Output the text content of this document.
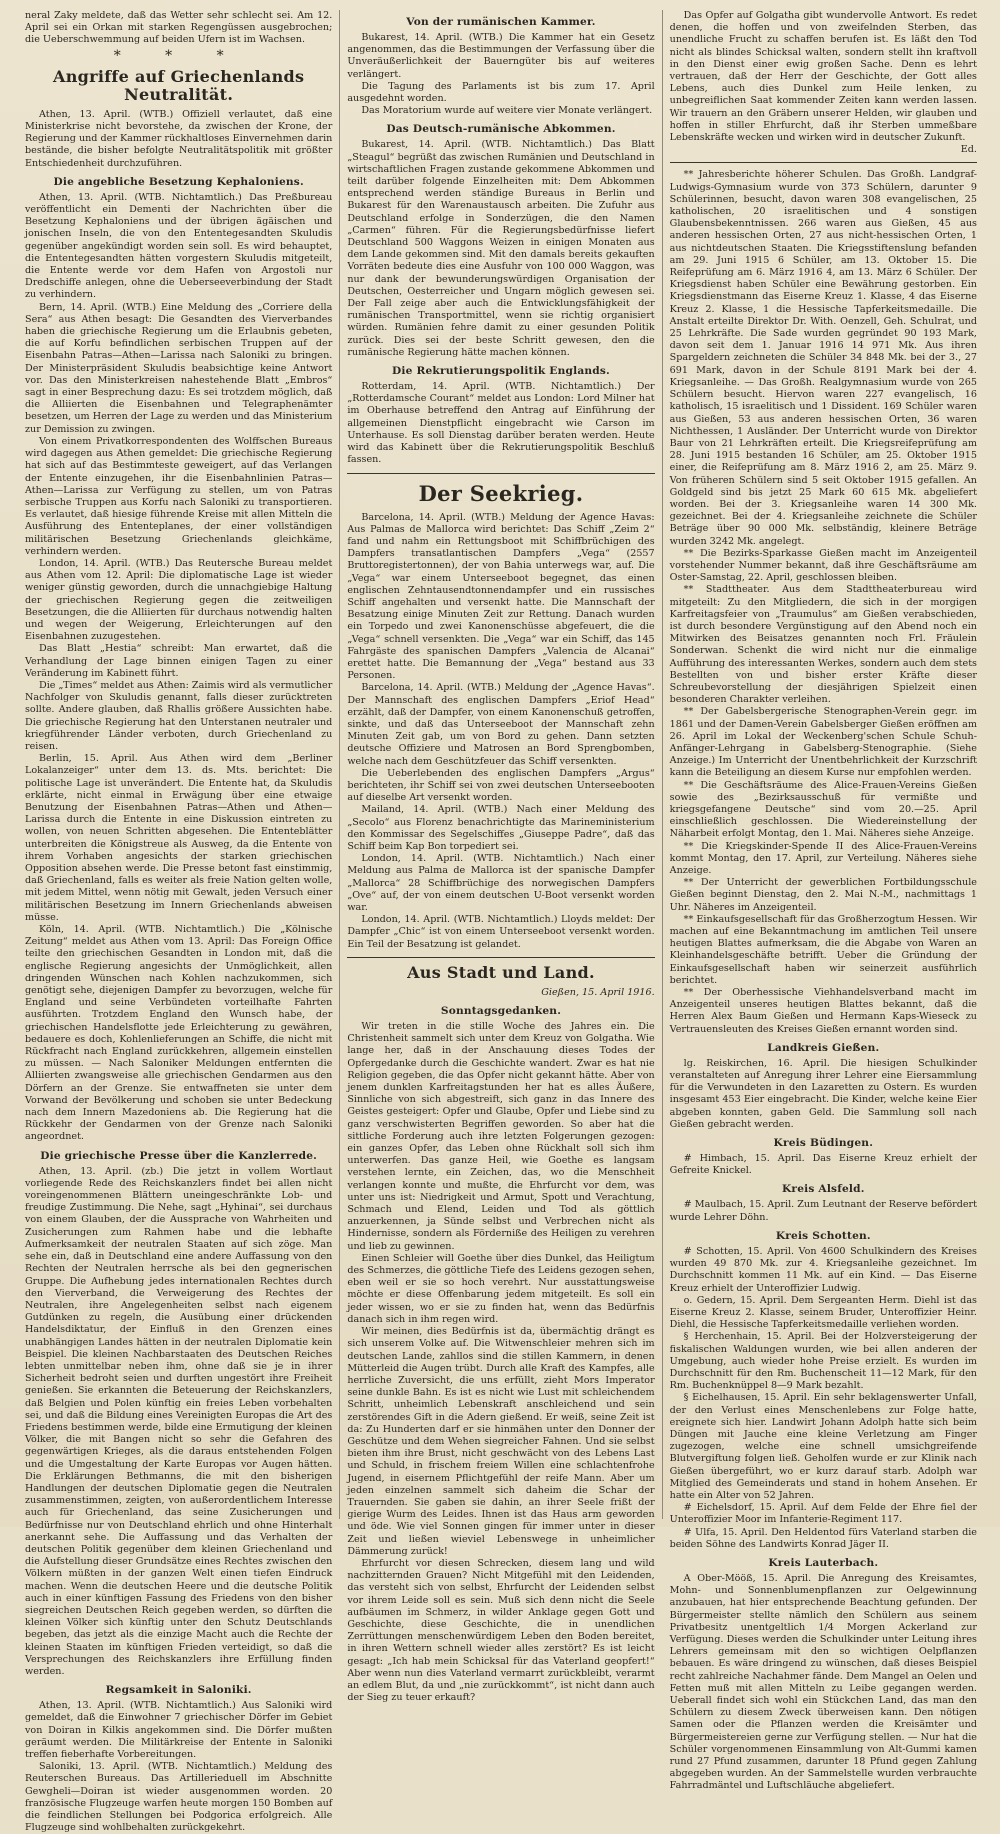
neral Zaky meldete, daß das Wetter sehr schlecht sei. Am 12. April sei ein Orkan mit starken Regengüssen ausgebrochen; die Ueberschwemmung auf beiden Ufern ist im Wachsen.

* * *
Angriffe auf Griechenlands Neutralität.

Athen, 13. April. (WTB.) Offiziell verlautet, daß eine Ministerkrise nicht bevorstehe, da zwischen der Krone, der Regierung und der Kammer rückhaltloses Einvernehmen darin bestände, die bisher befolgte Neutralitätspolitik mit größter Entschiedenheit durchzuführen.

Die angebliche Besetzung Kephaloniens.

Athen, 13. April. (WTB. Nichtamtlich.) Das Preßbureau veröffentlicht ein Dementi der Nachrichten über die Besetzung Kephaloniens und der übrigen ägäischen und jonischen Inseln, die von den Ententegesandten Skuludis gegenüber angekündigt worden sein soll. Es wird behauptet, die Ententegesandten hätten vorgestern Skuludis mitgeteilt, die Entente werde vor dem Hafen von Argostoli nur Dredschiffe anlegen, ohne die Ueberseeverbindung der Stadt zu verhindern.

Bern, 14. April. (WTB.) Eine Meldung des „Corriere della Sera“ aus Athen besagt: Die Gesandten des Vierverbandes haben die griechische Regierung um die Erlaubnis gebeten, die auf Korfu befindlichen serbischen Truppen auf der Eisenbahn Patras—Athen—Larissa nach Saloniki zu bringen. Der Ministerpräsident Skuludis beabsichtige keine Antwort vor. Das den Ministerkreisen nahestehende Blatt „Embros“ sagt in einer Besprechung dazu: Es sei trotzdem möglich, daß die Alliierten die Eisenbahnen und Telegraphenämter besetzen, um Herren der Lage zu werden und das Ministerium zur Demission zu zwingen.

Von einem Privatkorrespondenten des Wolffschen Bureaus wird dagegen aus Athen gemeldet: Die griechische Regierung hat sich auf das Bestimmteste geweigert, auf das Verlangen der Entente einzugehen, ihr die Eisenbahnlinien Patras—Athen—Larissa zur Verfügung zu stellen, um von Patras serbische Truppen aus Korfu nach Saloniki zu transportieren. Es verlautet, daß hiesige führende Kreise mit allen Mitteln die Ausführung des Ententeplanes, der einer vollständigen militärischen Besetzung Griechenlands gleichkäme, verhindern werden.

London, 14. April. (WTB.) Das Reutersche Bureau meldet aus Athen vom 12. April: Die diplomatische Lage ist wieder weniger günstig geworden, durch die unnachgiebige Haltung der griechischen Regierung gegen die zeitweiligen Besetzungen, die die Alliierten für durchaus notwendig halten und wegen der Weigerung, Erleichterungen auf den Eisenbahnen zuzugestehen.

Das Blatt „Hestia“ schreibt: Man erwartet, daß die Verhandlung der Lage binnen einigen Tagen zu einer Veränderung im Kabinett führt.

Die „Times“ meldet aus Athen: Zaimis wird als vermutlicher Nachfolger von Skuludis genannt, falls dieser zurücktreten sollte. Andere glauben, daß Rhallis größere Aussichten habe. Die griechische Regierung hat den Unterstanen neutraler und kriegführender Länder verboten, durch Griechenland zu reisen.

Berlin, 15. April. Aus Athen wird dem „Berliner Lokalanzeiger“ unter dem 13. ds. Mts. berichtet: Die politische Lage ist unverändert. Die Entente hat, da Skuludis erklärte, nicht einmal in Erwägung über eine etwaige Benutzung der Eisenbahnen Patras—Athen und Athen—Larissa durch die Entente in eine Diskussion eintreten zu wollen, von neuen Schritten abgesehen. Die Ententeblätter unterbreiten die Königstreue als Ausweg, da die Entente von ihrem Vorhaben angesichts der starken griechischen Opposition absehen werde. Die Presse betont fast einstimmig, daß Griechenland, falls es weiter als freie Nation gelten wolle, mit jedem Mittel, wenn nötig mit Gewalt, jeden Versuch einer militärischen Besetzung im Innern Griechenlands abweisen müsse.

Köln, 14. April. (WTB. Nichtamtlich.) Die „Kölnische Zeitung“ meldet aus Athen vom 13. April: Das Foreign Office teilte den griechischen Gesandten in London mit, daß die englische Regierung angesichts der Unmöglichkeit, allen dringenden Wünschen nach Kohlen nachzukommen, sich genötigt sehe, diejenigen Dampfer zu bevorzugen, welche für England und seine Verbündeten vorteilhafte Fahrten ausführten. Trotzdem England den Wunsch habe, der griechischen Handelsflotte jede Erleichterung zu gewähren, bedauere es doch, Kohlenlieferungen an Schiffe, die nicht mit Rückfracht nach England zurückkehren, allgemein einstellen zu müssen. — Nach Saloniker Meldungen entfernten die Alliierten zwangsweise alle griechischen Gendarmen aus den Dörfern an der Grenze. Sie entwaffneten sie unter dem Vorwand der Bevölkerung und schoben sie unter Bedeckung nach dem Innern Mazedoniens ab. Die Regierung hat die Rückkehr der Gendarmen von der Grenze nach Saloniki angeordnet.

Die griechische Presse über die Kanzlerrede.

Athen, 13. April. (zb.) Die jetzt in vollem Wortlaut vorliegende Rede des Reichskanzlers findet bei allen nicht voreingenommenen Blättern uneingeschränkte Lob- und freudige Zustimmung. Die Nehe, sagt „Hyhinai“, sei durchaus von einem Glauben, der die Aussprache von Wahrheiten und Zusicherungen zum Rahmen habe und die lebhafte Aufmerksamkeit der neutralen Staaten auf sich zöge. Man sehe ein, daß in Deutschland eine andere Auffassung von den Rechten der Neutralen herrsche als bei den gegnerischen Gruppe. Die Aufhebung jedes internationalen Rechtes durch den Vierverband, die Verweigerung des Rechtes der Neutralen, ihre Angelegenheiten selbst nach eigenem Gutdünken zu regeln, die Ausübung einer drückenden Handelsdiktatur, der Einfluß in den Grenzen eines unabhängigen Landes hätten in der neutralen Diplomatie kein Beispiel. Die kleinen Nachbarstaaten des Deutschen Reiches lebten unmittelbar neben ihm, ohne daß sie je in ihrer Sicherheit bedroht seien und durften ungestört ihre Freiheit genießen. Sie erkannten die Beteuerung der Reichskanzlers, daß Belgien und Polen künftig ein freies Leben vorbehalten sei, und daß die Bildung eines Vereinigten Europas die Art des Friedens bestimmen werde, bilde eine Ermutigung der kleinen Völker, die mit Bangen nicht so sehr die Gefahren des gegenwärtigen Krieges, als die daraus entstehenden Folgen und die Umgestaltung der Karte Europas vor Augen hätten. Die Erklärungen Bethmanns, die mit den bisherigen Handlungen der deutschen Diplomatie gegen die Neutralen zusammenstimmen, zeigten, von außerordentlichem Interesse auch für Griechenland, das seine Zusicherungen und Bedürfnisse nur von Deutschland ehrlich und ohne Hinterhalt anerkannt sehe. Die Auffassung und das Verhalten der deutschen Politik gegenüber dem kleinen Griechenland und die Aufstellung dieser Grundsätze eines Rechtes zwischen den Völkern müßten in der ganzen Welt einen tiefen Eindruck machen. Wenn die deutschen Heere und die deutsche Politik auch in einer künftigen Fassung des Friedens von den bisher siegreichen Deutschen Reich gegeben werden, so dürften die kleinen Völker sich künftig unter den Schutz Deutschlands begeben, das jetzt als die einzige Macht auch die Rechte der kleinen Staaten im künftigen Frieden verteidigt, so daß die Versprechungen des Reichskanzlers ihre Erfüllung finden werden.

Regsamkeit in Saloniki.

Athen, 13. April. (WTB. Nichtamtlich.) Aus Saloniki wird gemeldet, daß die Einwohner 7 griechischer Dörfer im Gebiet von Doiran in Kilkis angekommen sind. Die Dörfer mußten geräumt werden. Die Militärkreise der Entente in Saloniki treffen fieberhafte Vorbereitungen.

Saloniki, 13. April. (WTB. Nichtamtlich.) Meldung des Reuterschen Bureaus. Das Artillerieduell im Abschnitte Gewgheli—Doiran ist wieder ausgenommen worden. 20 französische Flugzeuge warfen heute morgen 150 Bomben auf die feindlichen Stellungen bei Podgorica erfolgreich. Alle Flugzeuge sind wohlbehalten zurückgekehrt.

Von der rumänischen Kammer.

Bukarest, 14. April. (WTB.) Die Kammer hat ein Gesetz angenommen, das die Bestimmungen der Verfassung über die Unveräußerlichkeit der Bauerngüter bis auf weiteres verlängert.

Die Tagung des Parlaments ist bis zum 17. April ausgedehnt worden.

Das Moratorium wurde auf weitere vier Monate verlängert.

Das Deutsch-rumänische Abkommen.

Bukarest, 14. April. (WTB. Nichtamtlich.) Das Blatt „Steagul“ begrüßt das zwischen Rumänien und Deutschland in wirtschaftlichen Fragen zustande gekommene Abkommen und teilt darüber folgende Einzelheiten mit: Dem Abkommen entsprechend werden ständige Bureaus in Berlin und Bukarest für den Warenaustausch arbeiten. Die Zufuhr aus Deutschland erfolge in Sonderzügen, die den Namen „Carmen“ führen. Für die Regierungsbedürfnisse liefert Deutschland 500 Waggons Weizen in einigen Monaten aus dem Lande gekommen sind. Mit den damals bereits gekauften Vorräten bedeute dies eine Ausfuhr von 100 000 Waggon, was nur dank der bewunderungswürdigen Organisation der Deutschen, Oesterreicher und Ungarn möglich gewesen sei. Der Fall zeige aber auch die Entwicklungsfähigkeit der rumänischen Transportmittel, wenn sie richtig organisiert würden. Rumänien fehre damit zu einer gesunden Politik zurück. Dies sei der beste Schritt gewesen, den die rumänische Regierung hätte machen können.

Die Rekrutierungspolitik Englands.

Rotterdam, 14. April. (WTB. Nichtamtlich.) Der „Rotterdamsche Courant“ meldet aus London: Lord Milner hat im Oberhause betreffend den Antrag auf Einführung der allgemeinen Dienstpflicht eingebracht wie Carson im Unterhause. Es soll Dienstag darüber beraten werden. Heute wird das Kabinett über die Rekrutierungspolitik Beschluß fassen.

Der Seekrieg.

Barcelona, 14. April. (WTB.) Meldung der Agence Havas: Aus Palmas de Mallorca wird berichtet: Das Schiff „Zeim 2“ fand und nahm ein Rettungsboot mit Schiffbrüchigen des Dampfers transatlantischen Dampfers „Vega“ (2557 Bruttoregistertonnen), der von Bahia unterwegs war, auf. Die „Vega“ war einem Unterseeboot begegnet, das einen englischen Zehntausendtonnendampfer und ein russisches Schiff angehalten und versenkt hatte. Die Mannschaft der Besatzung einige Minuten Zeit zur Rettung. Danach wurden ein Torpedo und zwei Kanonenschüsse abgefeuert, die die „Vega“ schnell versenkten. Die „Vega“ war ein Schiff, das 145 Fahrgäste des spanischen Dampfers „Valencia de Alcanai“ erettet hatte. Die Bemannung der „Vega“ bestand aus 33 Personen.

Barcelona, 14. April. (WTB.) Meldung der „Agence Havas“. Der Mannschaft des englischen Dampfers „Eriof Head“ erzählt, daß der Dampfer, von einem Kanonenschuß getroffen, sinkte, und daß das Unterseeboot der Mannschaft zehn Minuten Zeit gab, um von Bord zu gehen. Dann setzten deutsche Offiziere und Matrosen an Bord Sprengbomben, welche nach dem Geschützfeuer das Schiff versenkten.

Die Ueberlebenden des englischen Dampfers „Argus“ berichteten, ihr Schiff sei von zwei deutschen Unterseebooten auf dieselbe Art versenkt worden.

Mailand, 14. April. (WTB.) Nach einer Meldung des „Secolo“ aus Florenz benachrichtigte das Marineministerium den Kommissar des Segelschiffes „Giuseppe Padre“, daß das Schiff beim Kap Bon torpediert sei.

London, 14. April. (WTB. Nichtamtlich.) Nach einer Meldung aus Palma de Mallorca ist der spanische Dampfer „Mallorca“ 28 Schiffbrüchige des norwegischen Dampfers „Ove“ auf, der von einem deutschen U-Boot versenkt worden war.

London, 14. April. (WTB. Nichtamtlich.) Lloyds meldet: Der Dampfer „Chic“ ist von einem Unterseeboot versenkt worden. Ein Teil der Besatzung ist gelandet.

Aus Stadt und Land.
Gießen, 15. April 1916.
Sonntagsgedanken.

Wir treten in die stille Woche des Jahres ein. Die Christenheit sammelt sich unter dem Kreuz von Golgatha. Wie lange her, daß in der Anschauung dieses Todes der Opfergedanke durch die Geschichte wandert. Zwar es hat nie Religion gegeben, die das Opfer nicht gekannt hätte. Aber von jenem dunklen Karfreitagstunden her hat es alles Äußere, Sinnliche von sich abgestreift, sich ganz in das Innere des Geistes gesteigert: Opfer und Glaube, Opfer und Liebe sind zu ganz verschwisterten Begriffen geworden. So aber hat die sittliche Forderung auch ihre letzten Folgerungen gezogen: ein ganzes Opfer, das Leben ohne Rückhalt soll sich ihm unterwerfen. Das ganze Heil, wie Goethe es langsam verstehen lernte, ein Zeichen, das, wo die Menschheit verlangen konnte und mußte, die Ehrfurcht vor dem, was unter uns ist: Niedrigkeit und Armut, Spott und Verachtung, Schmach und Elend, Leiden und Tod als göttlich anzuerkennen, ja Sünde selbst und Verbrechen nicht als Hindernisse, sondern als Förderniße des Heiligen zu verehren und lieb zu gewinnen.

Einen Schleier will Goethe über dies Dunkel, das Heiligtum des Schmerzes, die göttliche Tiefe des Leidens gezogen sehen, eben weil er sie so hoch verehrt. Nur ausstattungsweise möchte er diese Offenbarung jedem mitgeteilt. Es soll ein jeder wissen, wo er sie zu finden hat, wenn das Bedürfnis danach sich in ihm regen wird.

Wir meinen, dies Bedürfnis ist da, übermächtig drängt es sich unserem Volke auf. Die Witwenschleier mehren sich im deutschen Lande, zahllos sind die stillen Kammern, in denen Mütterleid die Augen trübt. Durch alle Kraft des Kampfes, alle herrliche Zuversicht, die uns erfüllt, zieht Mors Imperator seine dunkle Bahn. Es ist es nicht wie Lust mit schleichendem Schritt, unheimlich Lebenskraft anschleichend und sein zerstörendes Gift in die Adern gießend. Er weiß, seine Zeit ist da: Zu Hunderten darf er sie hinmähen unter den Donner der Geschütze und dem Wehen siegreicher Fahnen. Und sie selbst bieten ihm ihre Brust, nicht geschwächt von des Lebens Last und Schuld, in frischem freiem Willen eine schlachtenfrohe Jugend, in eisernem Pflichtgefühl der reife Mann. Aber um jeden einzelnen sammelt sich daheim die Schar der Trauernden. Sie gaben sie dahin, an ihrer Seele frißt der gierige Wurm des Leides. Ihnen ist das Haus arm geworden und öde. Wie viel Sonnen gingen für immer unter in dieser Zeit und ließen wieviel Lebenswege in unheimlicher Dämmerung zurück!

Ehrfurcht vor diesen Schrecken, diesem lang und wild nachzitternden Grauen? Nicht Mitgefühl mit den Leidenden, das versteht sich von selbst, Ehrfurcht der Leidenden selbst vor ihrem Leide soll es sein. Muß sich denn nicht die Seele aufbäumen im Schmerz, in wilder Anklage gegen Gott und Geschichte, diese Geschichte, die in unendlichen Zerrüttungen menschenwürdigem Leben den Boden bereitet, in ihren Wettern schnell wieder alles zerstört? Es ist leicht gesagt: „Ich hab mein Schicksal für das Vaterland geopfert!“ Aber wenn nun dies Vaterland vermarrt zurückbleibt, verarmt an edlem Blut, da und „nie zurückkommt“, ist nicht dann auch der Sieg zu teuer erkauft?

Das Opfer auf Golgatha gibt wundervolle Antwort. Es redet denen, die hoffen und von zweifelnden Sterben, das unendliche Frucht zu schaffen berufen ist. Es läßt den Tod nicht als blindes Schicksal walten, sondern stellt ihn kraftvoll in den Dienst einer ewig großen Sache. Denn es lehrt vertrauen, daß der Herr der Geschichte, der Gott alles Lebens, auch dies Dunkel zum Heile lenken, zu unbegreiflichen Saat kommender Zeiten kann werden lassen. Wir trauern an den Gräbern unserer Helden, wir glauben und hoffen in stiller Ehrfurcht, daß ihr Sterben ummeßbare Lebenskräfte wecken und wirken wird in deutscher Zukunft.

Ed.

** Jahresberichte höherer Schulen. Das Großh. Landgraf-Ludwigs-Gymnasium wurde von 373 Schülern, darunter 9 Schülerinnen, besucht, davon waren 308 evangelischen, 25 katholischen, 20 israelitischen und 4 sonstigen Glaubensbekenntnissen. 266 waren aus Gießen, 45 aus anderen hessischen Orten, 27 aus nicht-hessischen Orten, 1 aus nichtdeutschen Staaten. Die Kriegsstiftenslung befanden am 29. Juni 1915 6 Schüler, am 13. Oktober 15. Die Reifeprüfung am 6. März 1916 4, am 13. März 6 Schüler. Der Kriegsdienst haben Schüler eine Bewährung gestorben. Ein Kriegsdienstmann das Eiserne Kreuz 1. Klasse, 4 das Eiserne Kreuz 2. Klasse, 1 die Hessische Tapferkeitsmedaille. Die Anstalt erteilte Direktor Dr. With. Oenzell, Geh. Schulrat, und 25 Lehrkräfte. Die Sade wurden gegründet 90 193 Mark, davon seit dem 1. Januar 1916 14 971 Mk. Aus ihren Spargeldern zeichneten die Schüler 34 848 Mk. bei der 3., 27 691 Mark, davon in der Schule 8191 Mark bei der 4. Kriegsanleihe. — Das Großh. Realgymnasium wurde von 265 Schülern besucht. Hiervon waren 227 evangelisch, 16 katholisch, 15 israelitisch und 1 Dissident. 169 Schüler waren aus Gießen, 53 aus anderen hessischen Orten, 36 waren Nichthessen, 1 Ausländer. Der Unterricht wurde von Direktor Baur von 21 Lehrkräften erteilt. Die Kriegsreifeprüfung am 28. Juni 1915 bestanden 16 Schüler, am 25. Oktober 1915 einer, die Reifeprüfung am 8. März 1916 2, am 25. März 9. Von früheren Schülern sind 5 seit Oktober 1915 gefallen. An Goldgeld sind bis jetzt 25 Mark 60 615 Mk. abgeliefert worden. Bei der 3. Kriegsanleihe waren 14 300 Mk. gezeichnet. Bei der 4. Kriegsanleihe zeichnete die Schüler Beträge über 90 000 Mk. selbständig, kleinere Beträge wurden 3242 Mk. angelegt.

** Die Bezirks-Sparkasse Gießen macht im Anzeigenteil vorstehender Nummer bekannt, daß ihre Geschäftsräume am Oster-Samstag, 22. April, geschlossen bleiben.

** Stadttheater. Aus dem Stadttheaterbureau wird mitgeteilt: Zu den Mitgliedern, die sich in der morgigen Karfreitagsfeier von „Traumulus“ am Gießen verabschieden, ist durch besondere Vergünstigung auf den Abend noch ein Mitwirken des Beisatzes genannten noch Frl. Fräulein Sonderwan. Schenkt die wird nicht nur die einmalige Aufführung des interessanten Werkes, sondern auch dem stets Bestellten von und bisher erster Kräfte dieser Schreubevorstellung der diesjährigen Spielzeit einen besonderen Charakter verleihen.

** Der Gabelsbergerische Stenographen-Verein gegr. im 1861 und der Damen-Verein Gabelsberger Gießen eröffnen am 26. April im Lokal der Weckenberg'schen Schule Schuh-Anfänger-Lehrgang in Gabelsberg-Stenographie. (Siehe Anzeige.) Im Unterricht der Unentbehrlichkeit der Kurzschrift kann die Beteiligung an diesem Kurse nur empfohlen werden.

** Die Geschäftsräume des Alice-Frauen-Vereins Gießen sowie des „Bezirksausschuß für vermißte und kriegsgefangene Deutsche“ sind vom 20.—25. April einschließlich geschlossen. Die Wiedereinstellung der Näharbeit erfolgt Montag, den 1. Mai. Näheres siehe Anzeige.

** Die Kriegskinder-Spende II des Alice-Frauen-Vereins kommt Montag, den 17. April, zur Verteilung. Näheres siehe Anzeige.

** Der Unterricht der gewerblichen Fortbildungsschule Gießen beginnt Dienstag, den 2. Mai N.-M., nachmittags 1 Uhr. Näheres im Anzeigenteil.

** Einkaufsgesellschaft für das Großherzogtum Hessen. Wir machen auf eine Bekanntmachung im amtlichen Teil unsere heutigen Blattes aufmerksam, die die Abgabe von Waren an Kleinhandelsgeschäfte betrifft. Ueber die Gründung der Einkaufsgesellschaft haben wir seinerzeit ausführlich berichtet.

** Der Oberhessische Viehhandelsverband macht im Anzeigenteil unseres heutigen Blattes bekannt, daß die Herren Alex Baum Gießen und Hermann Kaps-Wieseck zu Vertrauensleuten des Kreises Gießen ernannt worden sind.

Landkreis Gießen.

lg. Reiskirchen, 16. April. Die hiesigen Schulkinder veranstalteten auf Anregung ihrer Lehrer eine Eiersammlung für die Verwundeten in den Lazaretten zu Ostern. Es wurden insgesamt 453 Eier eingebracht. Die Kinder, welche keine Eier abgeben konnten, gaben Geld. Die Sammlung soll nach Gießen gebracht werden.

Kreis Büdingen.

# Himbach, 15. April. Das Eiserne Kreuz erhielt der Gefreite Knickel.

Kreis Alsfeld.

# Maulbach, 15. April. Zum Leutnant der Reserve befördert wurde Lehrer Döhn.

Kreis Schotten.

# Schotten, 15. April. Von 4600 Schulkindern des Kreises wurden 49 870 Mk. zur 4. Kriegsanleihe gezeichnet. Im Durchschnitt kommen 11 Mk. auf ein Kind. — Das Eiserne Kreuz erhielt der Unteroffizier Ludwig.

o. Gedern, 15. April. Dem Sergeanten Herm. Diehl ist das Eiserne Kreuz 2. Klasse, seinem Bruder, Unteroffizier Heinr. Diehl, die Hessische Tapferkeitsmedaille verliehen worden.

§ Herchenhain, 15. April. Bei der Holzversteigerung der fiskalischen Waldungen wurden, wie bei allen anderen der Umgebung, auch wieder hohe Preise erzielt. Es wurden im Durchschnitt für den Rm. Buchenscheit 11—12 Mark, für den Rm. Buchenknüppel 8—9 Mark bezahlt.

§ Eichelhausen, 15. April. Ein sehr beklagenswerter Unfall, der den Verlust eines Menschenlebens zur Folge hatte, ereignete sich hier. Landwirt Johann Adolph hatte sich beim Düngen mit Jauche eine kleine Verletzung am Finger zugezogen, welche eine schnell umsichgreifende Blutvergiftung folgen ließ. Geholfen wurde er zur Klinik nach Gießen übergeführt, wo er kurz darauf starb. Adolph war Mitglied des Gemeinderats und stand in hohem Ansehen. Er hatte ein Alter von 52 Jahren.

# Eichelsdorf, 15. April. Auf dem Felde der Ehre fiel der Unteroffizier Moor im Infanterie-Regiment 117.

# Ulfa, 15. April. Den Heldentod fürs Vaterland starben die beiden Söhne des Landwirts Konrad Jäger II.

Kreis Lauterbach.

A Ober-Mööß, 15. April. Die Anregung des Kreisamtes, Mohn- und Sonnenblumenpflanzen zur Oelgewinnung anzubauen, hat hier entsprechende Beachtung gefunden. Der Bürgermeister stellte nämlich den Schülern aus seinem Privatbesitz unentgeltlich 1/4 Morgen Ackerland zur Verfügung. Dieses werden die Schulkinder unter Leitung ihres Lehrers gemeinsam mit den so wichtigen Oelpflanzen bebauen. Es wäre dringend zu wünschen, daß dieses Beispiel recht zahlreiche Nachahmer fände. Dem Mangel an Oelen und Fetten muß mit allen Mitteln zu Leibe gegangen werden. Ueberall findet sich wohl ein Stückchen Land, das man den Schülern zu diesem Zweck überweisen kann. Den nötigen Samen oder die Pflanzen werden die Kreisämter und Bürgermeistereien gerne zur Verfügung stellen. — Nur hat die Schüler vorgenommenen Einsammlung von Alt-Gummi kamen rund 27 Pfund zusammen, darunter 18 Pfund gegen Zahlung abgegeben wurden. An der Sammelstelle wurden verbrauchte Fahrradmäntel und Luftschläuche abgeliefert.
